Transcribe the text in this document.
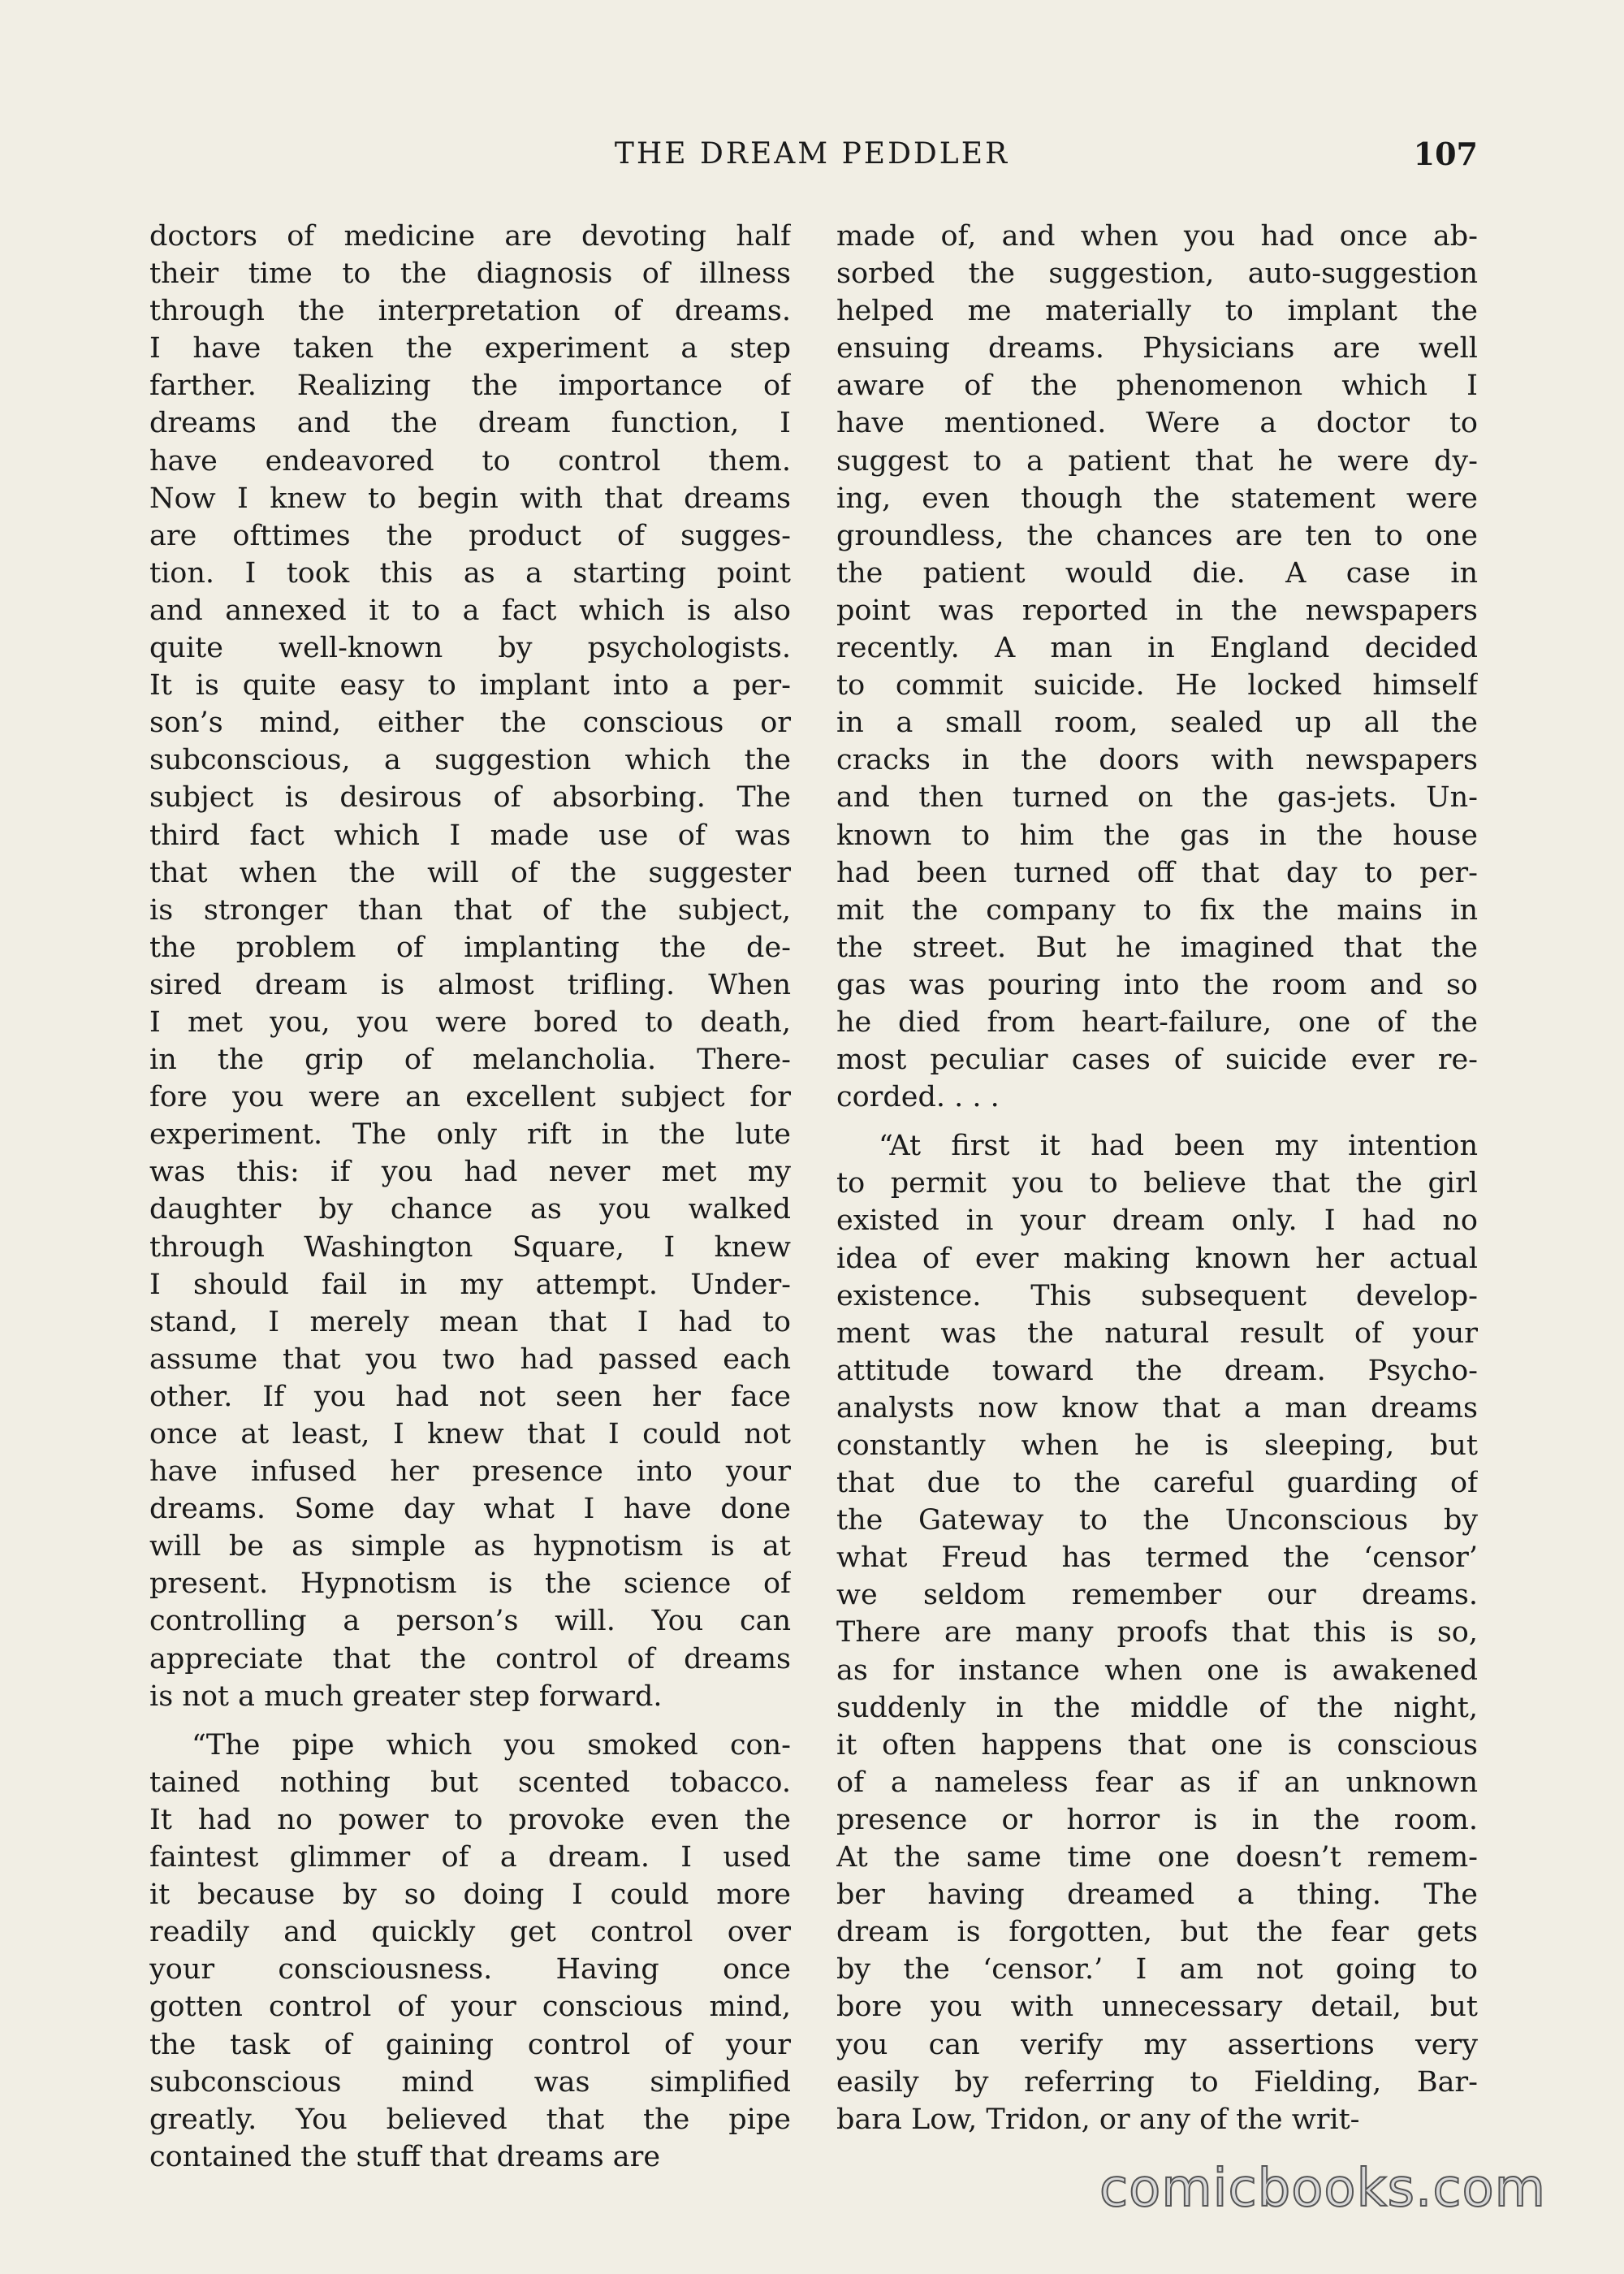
THE DREAM PEDDLER	107
doctors of medicine are devoting half
their time to the diagnosis of illness
through the interpretation of dreams.
I have taken the experiment a step
farther. Realizing the importance of
dreams and the dream function, I
have endeavored to control them.
Now I knew to begin with that dreams
are ofttimes the product of sugges-
tion. I took this as a starting point
and annexed it to a fact which is also
quite well-known by psychologists.
It is quite easy to implant into a per-
son’s mind, either the conscious or
subconscious, a suggestion which the
subject is desirous of absorbing. The
third fact which I made use of was
that when the will of the suggester
is stronger than that of the subject,
the problem of implanting the de-
sired dream is almost trifling. When
I met you, you were bored to death,
in the grip of melancholia. There-
fore you were an excellent subject for
experiment. The only rift in the lute
was this: if you had never met my
daughter by chance as you walked
through Washington Square, I knew
I should fail in my attempt. Under-
stand, I merely mean that I had to
assume that you two had passed each
other. If you had not seen her face
once at least, I knew that I could not
have infused her presence into your
dreams. Some day what I have done
will be as simple as hypnotism is at
present. Hypnotism is the science of
controlling a person’s will. You can
appreciate that the control of dreams
is not a much greater step forward.
“The pipe which you smoked con-
tained nothing but scented tobacco.
It had no power to provoke even the
faintest glimmer of a dream. I used
it because by so doing I could more
readily and quickly get control over
your consciousness. Having once
gotten control of your conscious mind,
the task of gaining control of your
subconscious mind was simplified
greatly. You believed that the pipe
contained the stuff that dreams are
made of, and when you had once ab-
sorbed the suggestion, auto-suggestion
helped me materially to implant the
ensuing dreams. Physicians are well
aware of the phenomenon which I
have mentioned. Were a doctor to
suggest to a patient that he were dy-
ing, even though the statement were
groundless, the chances are ten to one
the patient would die. A case in
point was reported in the newspapers
recently. A man in England decided
to commit suicide. He locked himself
in a small room, sealed up all the
cracks in the doors with newspapers
and then turned on the gas-jets. Un-
known to him the gas in the house
had been turned off that day to per-
mit the company to fix the mains in
the street. But he imagined that the
gas was pouring into the room and so
he died from heart-failure, one of the
most peculiar cases of suicide ever re-
corded. . . .
“At first it had been my intention
to permit you to believe that the girl
existed in your dream only. I had no
idea of ever making known her actual
existence. This subsequent develop-
ment was the natural result of your
attitude toward the dream. Psycho-
analysts now know that a man dreams
constantly when he is sleeping, but
that due to the careful guarding of
the Gateway to the Unconscious by
what Freud has termed the ‘censor’
we seldom remember our dreams.
There are many proofs that this is so,
as for instance when one is awakened
suddenly in the middle of the night,
it often happens that one is conscious
of a nameless fear as if an unknown
presence or horror is in the room.
At the same time one doesn’t remem-
ber having dreamed a thing. The
dream is forgotten, but the fear gets
by the ‘censor.’ I am not going to
bore you with unnecessary detail, but
you can verify my assertions very
easily by referring to Fielding, Bar-
bara Low, Tridon, or any of the writ-
comicbooks.com
